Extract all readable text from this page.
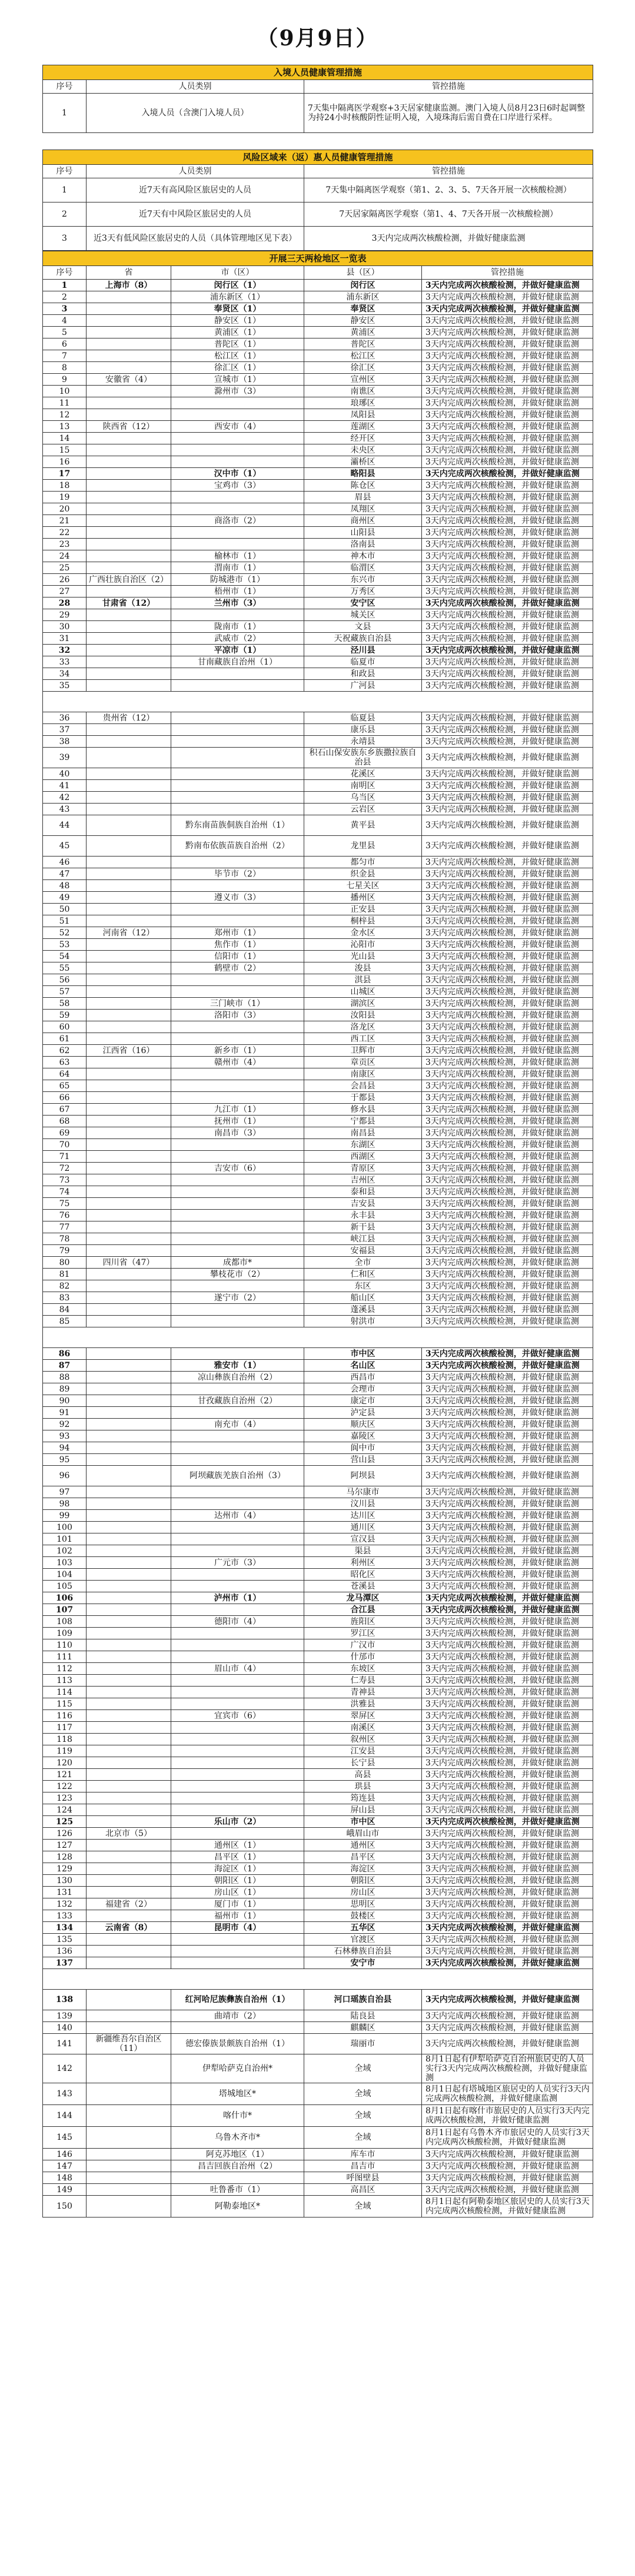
（9月9日）
入境人员健康管理措施		
序号	人员类别	管控措施
1	入境人员（含澳门入境人员）	7天集中隔离医学观察+3天居家健康监测。澳门入境人员8月23日6时起调整为持24小时核酸阴性证明入境，入境珠海后需自费在口岸进行采样。
风险区域来（返）惠人员健康管理措施		
序号	人员类别	管控措施
1	近7天有高风险区旅居史的人员	7天集中隔离医学观察（第1、2、3、5、7天各开展一次核酸检测）
2	近7天有中风险区旅居史的人员	7天居家隔离医学观察（第1、4、7天各开展一次核酸检测）
3	近3天有低风险区旅居史的人员（具体管理地区见下表）	3天内完成两次核酸检测，并做好健康监测
开展三天两检地区一览表				
序号	省	市（区）	县（区）	管控措施
1	上海市（8）	闵行区（1）	闵行区	3天内完成两次核酸检测，并做好健康监测
2		浦东新区（1）	浦东新区	3天内完成两次核酸检测，并做好健康监测
3		奉贤区（1）	奉贤区	3天内完成两次核酸检测，并做好健康监测
4		静安区（1）	静安区	3天内完成两次核酸检测，并做好健康监测
5		黄浦区（1）	黄浦区	3天内完成两次核酸检测，并做好健康监测
6		普陀区（1）	普陀区	3天内完成两次核酸检测，并做好健康监测
7		松江区（1）	松江区	3天内完成两次核酸检测，并做好健康监测
8		徐汇区（1）	徐汇区	3天内完成两次核酸检测，并做好健康监测
9	安徽省（4）	宣城市（1）	宣州区	3天内完成两次核酸检测，并做好健康监测
10		滁州市（3）	南谯区	3天内完成两次核酸检测，并做好健康监测
11			琅琊区	3天内完成两次核酸检测，并做好健康监测
12			凤阳县	3天内完成两次核酸检测，并做好健康监测
13	陕西省（12）	西安市（4）	莲湖区	3天内完成两次核酸检测，并做好健康监测
14			经开区	3天内完成两次核酸检测，并做好健康监测
15			未央区	3天内完成两次核酸检测，并做好健康监测
16			灞桥区	3天内完成两次核酸检测，并做好健康监测
17		汉中市（1）	略阳县	3天内完成两次核酸检测，并做好健康监测
18		宝鸡市（3）	陈仓区	3天内完成两次核酸检测，并做好健康监测
19			眉县	3天内完成两次核酸检测，并做好健康监测
20			凤翔区	3天内完成两次核酸检测，并做好健康监测
21		商洛市（2）	商州区	3天内完成两次核酸检测，并做好健康监测
22			山阳县	3天内完成两次核酸检测，并做好健康监测
23			洛南县	3天内完成两次核酸检测，并做好健康监测
24		榆林市（1）	神木市	3天内完成两次核酸检测，并做好健康监测
25		渭南市（1）	临渭区	3天内完成两次核酸检测，并做好健康监测
26	广西壮族自治区（2）	防城港市（1）	东兴市	3天内完成两次核酸检测，并做好健康监测
27		梧州市（1）	万秀区	3天内完成两次核酸检测，并做好健康监测
28	甘肃省（12）	兰州市（3）	安宁区	3天内完成两次核酸检测，并做好健康监测
29			城关区	3天内完成两次核酸检测，并做好健康监测
30		陇南市（1）	文县	3天内完成两次核酸检测，并做好健康监测
31		武威市（2）	天祝藏族自治县	3天内完成两次核酸检测，并做好健康监测
32		平凉市（1）	泾川县	3天内完成两次核酸检测，并做好健康监测
33		甘南藏族自治州（1）	临夏市	3天内完成两次核酸检测，并做好健康监测
34			和政县	3天内完成两次核酸检测，并做好健康监测
35			广河县	3天内完成两次核酸检测，并做好健康监测

36	贵州省（12）		临夏县	3天内完成两次核酸检测，并做好健康监测
37			康乐县	3天内完成两次核酸检测，并做好健康监测
38			永靖县	3天内完成两次核酸检测，并做好健康监测
39			积石山保安族东乡族撒拉族自治县	3天内完成两次核酸检测，并做好健康监测
40			花溪区	3天内完成两次核酸检测，并做好健康监测
41			南明区	3天内完成两次核酸检测，并做好健康监测
42			乌当区	3天内完成两次核酸检测，并做好健康监测
43			云岩区	3天内完成两次核酸检测，并做好健康监测
44		黔东南苗族侗族自治州（1）	黄平县	3天内完成两次核酸检测，并做好健康监测
45		黔南布依族苗族自治州（2）	龙里县	3天内完成两次核酸检测，并做好健康监测
46			都匀市	3天内完成两次核酸检测，并做好健康监测
47		毕节市（2）	织金县	3天内完成两次核酸检测，并做好健康监测
48			七星关区	3天内完成两次核酸检测，并做好健康监测
49		遵义市（3）	播州区	3天内完成两次核酸检测，并做好健康监测
50			正安县	3天内完成两次核酸检测，并做好健康监测
51			桐梓县	3天内完成两次核酸检测，并做好健康监测
52	河南省（12）	郑州市（1）	金水区	3天内完成两次核酸检测，并做好健康监测
53		焦作市（1）	沁阳市	3天内完成两次核酸检测，并做好健康监测
54		信阳市（1）	光山县	3天内完成两次核酸检测，并做好健康监测
55		鹤壁市（2）	浚县	3天内完成两次核酸检测，并做好健康监测
56			淇县	3天内完成两次核酸检测，并做好健康监测
57			山城区	3天内完成两次核酸检测，并做好健康监测
58		三门峡市（1）	湖滨区	3天内完成两次核酸检测，并做好健康监测
59		洛阳市（3）	汝阳县	3天内完成两次核酸检测，并做好健康监测
60			洛龙区	3天内完成两次核酸检测，并做好健康监测
61			西工区	3天内完成两次核酸检测，并做好健康监测
62	江西省（16）	新乡市（1）	卫辉市	3天内完成两次核酸检测，并做好健康监测
63		赣州市（4）	章贡区	3天内完成两次核酸检测，并做好健康监测
64			南康区	3天内完成两次核酸检测，并做好健康监测
65			会昌县	3天内完成两次核酸检测，并做好健康监测
66			于都县	3天内完成两次核酸检测，并做好健康监测
67		九江市（1）	修水县	3天内完成两次核酸检测，并做好健康监测
68		抚州市（1）	宁都县	3天内完成两次核酸检测，并做好健康监测
69		南昌市（3）	南昌县	3天内完成两次核酸检测，并做好健康监测
70			东湖区	3天内完成两次核酸检测，并做好健康监测
71			西湖区	3天内完成两次核酸检测，并做好健康监测
72		吉安市（6）	青原区	3天内完成两次核酸检测，并做好健康监测
73			吉州区	3天内完成两次核酸检测，并做好健康监测
74			泰和县	3天内完成两次核酸检测，并做好健康监测
75			吉安县	3天内完成两次核酸检测，并做好健康监测
76			永丰县	3天内完成两次核酸检测，并做好健康监测
77			新干县	3天内完成两次核酸检测，并做好健康监测
78			峡江县	3天内完成两次核酸检测，并做好健康监测
79			安福县	3天内完成两次核酸检测，并做好健康监测
80	四川省（47）	成都市*	全市	3天内完成两次核酸检测，并做好健康监测
81		攀枝花市（2）	仁和区	3天内完成两次核酸检测，并做好健康监测
82			东区	3天内完成两次核酸检测，并做好健康监测
83		遂宁市（2）	船山区	3天内完成两次核酸检测，并做好健康监测
84			蓬溪县	3天内完成两次核酸检测，并做好健康监测
85			射洪市	3天内完成两次核酸检测，并做好健康监测

86			市中区	3天内完成两次核酸检测，并做好健康监测
87		雅安市（1）	名山区	3天内完成两次核酸检测，并做好健康监测
88		凉山彝族自治州（2）	西昌市	3天内完成两次核酸检测，并做好健康监测
89			会理市	3天内完成两次核酸检测，并做好健康监测
90		甘孜藏族自治州（2）	康定市	3天内完成两次核酸检测，并做好健康监测
91			泸定县	3天内完成两次核酸检测，并做好健康监测
92		南充市（4）	顺庆区	3天内完成两次核酸检测，并做好健康监测
93			嘉陵区	3天内完成两次核酸检测，并做好健康监测
94			阆中市	3天内完成两次核酸检测，并做好健康监测
95			营山县	3天内完成两次核酸检测，并做好健康监测
96		阿坝藏族羌族自治州（3）	阿坝县	3天内完成两次核酸检测，并做好健康监测
97			马尔康市	3天内完成两次核酸检测，并做好健康监测
98			汶川县	3天内完成两次核酸检测，并做好健康监测
99		达州市（4）	达川区	3天内完成两次核酸检测，并做好健康监测
100			通川区	3天内完成两次核酸检测，并做好健康监测
101			宣汉县	3天内完成两次核酸检测，并做好健康监测
102			渠县	3天内完成两次核酸检测，并做好健康监测
103		广元市（3）	利州区	3天内完成两次核酸检测，并做好健康监测
104			昭化区	3天内完成两次核酸检测，并做好健康监测
105			苍溪县	3天内完成两次核酸检测，并做好健康监测
106		泸州市（1）	龙马潭区	3天内完成两次核酸检测，并做好健康监测
107			合江县	3天内完成两次核酸检测，并做好健康监测
108		德阳市（4）	旌阳区	3天内完成两次核酸检测，并做好健康监测
109			罗江区	3天内完成两次核酸检测，并做好健康监测
110			广汉市	3天内完成两次核酸检测，并做好健康监测
111			什邡市	3天内完成两次核酸检测，并做好健康监测
112		眉山市（4）	东坡区	3天内完成两次核酸检测，并做好健康监测
113			仁寿县	3天内完成两次核酸检测，并做好健康监测
114			青神县	3天内完成两次核酸检测，并做好健康监测
115			洪雅县	3天内完成两次核酸检测，并做好健康监测
116		宜宾市（6）	翠屏区	3天内完成两次核酸检测，并做好健康监测
117			南溪区	3天内完成两次核酸检测，并做好健康监测
118			叙州区	3天内完成两次核酸检测，并做好健康监测
119			江安县	3天内完成两次核酸检测，并做好健康监测
120			长宁县	3天内完成两次核酸检测，并做好健康监测
121			高县	3天内完成两次核酸检测，并做好健康监测
122			珙县	3天内完成两次核酸检测，并做好健康监测
123			筠连县	3天内完成两次核酸检测，并做好健康监测
124			屏山县	3天内完成两次核酸检测，并做好健康监测
125		乐山市（2）	市中区	3天内完成两次核酸检测，并做好健康监测
126	北京市（5）		峨眉山市	3天内完成两次核酸检测，并做好健康监测
127		通州区（1）	通州区	3天内完成两次核酸检测，并做好健康监测
128		昌平区（1）	昌平区	3天内完成两次核酸检测，并做好健康监测
129		海淀区（1）	海淀区	3天内完成两次核酸检测，并做好健康监测
130		朝阳区（1）	朝阳区	3天内完成两次核酸检测，并做好健康监测
131		房山区（1）	房山区	3天内完成两次核酸检测，并做好健康监测
132	福建省（2）	厦门市（1）	思明区	3天内完成两次核酸检测，并做好健康监测
133		福州市（1）	鼓楼区	3天内完成两次核酸检测，并做好健康监测
134	云南省（8）	昆明市（4）	五华区	3天内完成两次核酸检测，并做好健康监测
135			官渡区	3天内完成两次核酸检测，并做好健康监测
136			石林彝族自治县	3天内完成两次核酸检测，并做好健康监测
137			安宁市	3天内完成两次核酸检测，并做好健康监测

138		红河哈尼族彝族自治州（1）	河口瑶族自治县	3天内完成两次核酸检测，并做好健康监测
139		曲靖市（2）	陆良县	3天内完成两次核酸检测，并做好健康监测
140			麒麟区	3天内完成两次核酸检测，并做好健康监测
141	新疆维吾尔自治区（11）	德宏傣族景颇族自治州（1）	瑞丽市	3天内完成两次核酸检测，并做好健康监测
142		伊犁哈萨克自治州*	全域	8月1日起有伊犁哈萨克自治州旅居史的人员实行3天内完成两次核酸检测，并做好健康监测
143		塔城地区*	全域	8月1日起有塔城地区旅居史的人员实行3天内完成两次核酸检测，并做好健康监测
144		喀什市*	全域	8月1日起有喀什市旅居史的人员实行3天内完成两次核酸检测，并做好健康监测
145		乌鲁木齐市*	全域	8月1日起有乌鲁木齐市旅居史的人员实行3天内完成两次核酸检测，并做好健康监测
146		阿克苏地区（1）	库车市	3天内完成两次核酸检测，并做好健康监测
147		昌吉回族自治州（2）	昌吉市	3天内完成两次核酸检测，并做好健康监测
148			呼图壁县	3天内完成两次核酸检测，并做好健康监测
149		吐鲁番市（1）	高昌区	3天内完成两次核酸检测，并做好健康监测
150		阿勒泰地区*	全域	8月1日起有阿勒泰地区旅居史的人员实行3天内完成两次核酸检测，并做好健康监测
